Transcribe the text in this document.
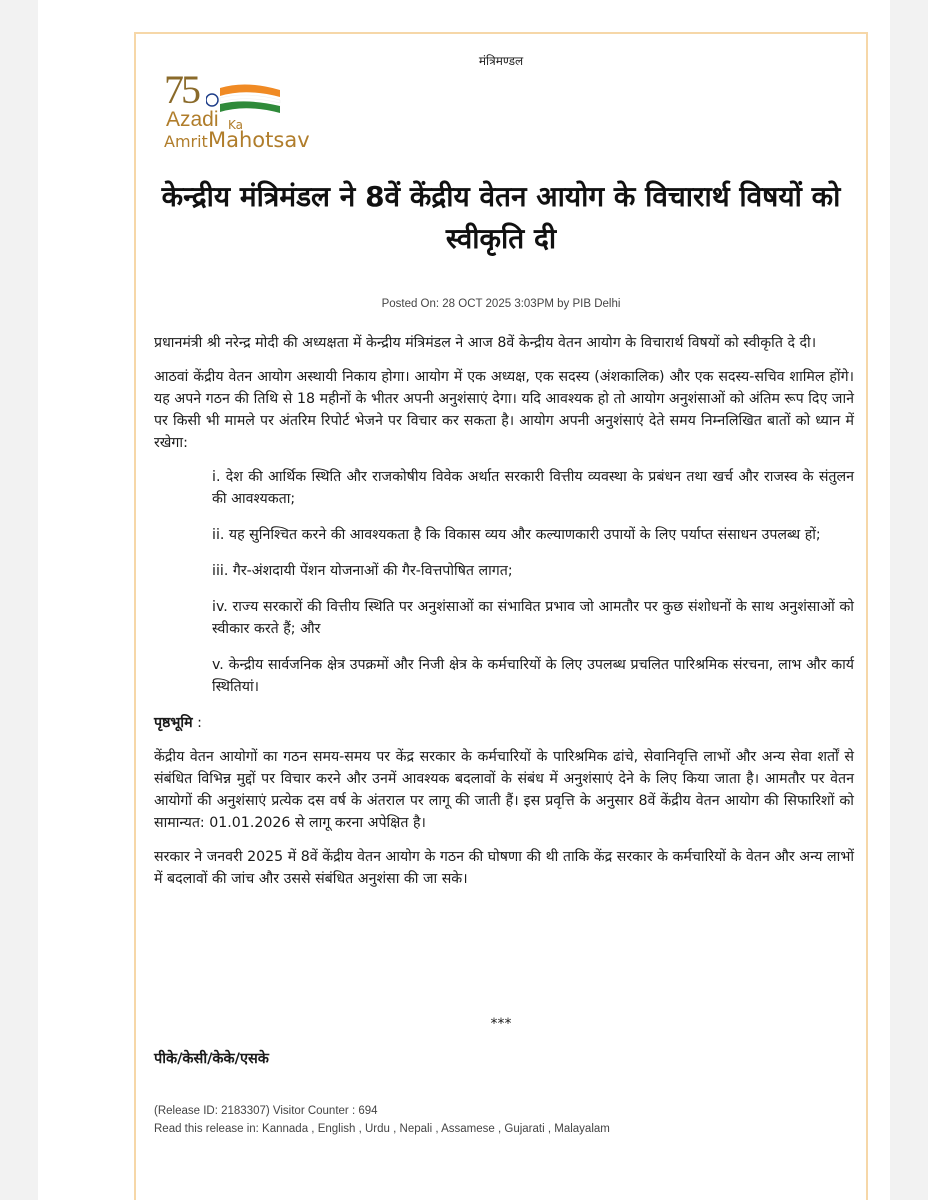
मंत्रिमण्डल
75
Azadi Ka
Amrit Mahotsav
केन्द्रीय मंत्रिमंडल ने 8वें केंद्रीय वेतन आयोग के विचारार्थ विषयों को स्वीकृति दी
Posted On: 28 OCT 2025 3:03PM by PIB Delhi

प्रधानमंत्री श्री नरेन्द्र मोदी की अध्यक्षता में केन्द्रीय मंत्रिमंडल ने आज 8वें केन्द्रीय वेतन आयोग के विचारार्थ विषयों को स्वीकृति दे दी।

आठवां केंद्रीय वेतन आयोग अस्थायी निकाय होगा। आयोग में एक अध्यक्ष, एक सदस्य (अंशकालिक) और एक सदस्य-सचिव शामिल होंगे। यह अपने गठन की तिथि से 18 महीनों के भीतर अपनी अनुशंसाएं देगा। यदि आवश्यक हो तो आयोग अनुशंसाओं को अंतिम रूप दिए जाने पर किसी भी मामले पर अंतरिम रिपोर्ट भेजने पर विचार कर सकता है। आयोग अपनी अनुशंसाएं देते समय निम्नलिखित बातों को ध्यान में रखेगा:

i. देश की आर्थिक स्थिति और राजकोषीय विवेक अर्थात सरकारी वित्तीय व्यवस्था के प्रबंधन तथा खर्च और राजस्व के संतुलन की आवश्यकता;

ii. यह सुनिश्चित करने की आवश्यकता है कि विकास व्यय और कल्याणकारी उपायों के लिए पर्याप्त संसाधन उपलब्ध हों;

iii. गैर-अंशदायी पेंशन योजनाओं की गैर-वित्तपोषित लागत;

iv. राज्य सरकारों की वित्तीय स्थिति पर अनुशंसाओं का संभावित प्रभाव जो आमतौर पर कुछ संशोधनों के साथ अनुशंसाओं को स्वीकार करते हैं; और

v. केन्द्रीय सार्वजनिक क्षेत्र उपक्रमों और निजी क्षेत्र के कर्मचारियों के लिए उपलब्ध प्रचलित पारिश्रमिक संरचना, लाभ और कार्य स्थितियां।

पृष्ठभूमि :

केंद्रीय वेतन आयोगों का गठन समय-समय पर केंद्र सरकार के कर्मचारियों के पारिश्रमिक ढांचे, सेवानिवृत्ति लाभों और अन्य सेवा शर्तों से संबंधित विभिन्न मुद्दों पर विचार करने और उनमें आवश्यक बदलावों के संबंध में अनुशंसाएं देने के लिए किया जाता है। आमतौर पर वेतन आयोगों की अनुशंसाएं प्रत्येक दस वर्ष के अंतराल पर लागू की जाती हैं। इस प्रवृत्ति के अनुसार 8वें केंद्रीय वेतन आयोग की सिफारिशों को सामान्यत: 01.01.2026 से लागू करना अपेक्षित है।

सरकार ने जनवरी 2025 में 8वें केंद्रीय वेतन आयोग के गठन की घोषणा की थी ताकि केंद्र सरकार के कर्मचारियों के वेतन और अन्य लाभों में बदलावों की जांच और उससे संबंधित अनुशंसा की जा सके।

***
पीके/केसी/केके/एसके
(Release ID: 2183307) Visitor Counter : 694
Read this release in: Kannada , English , Urdu , Nepali , Assamese , Gujarati , Malayalam
